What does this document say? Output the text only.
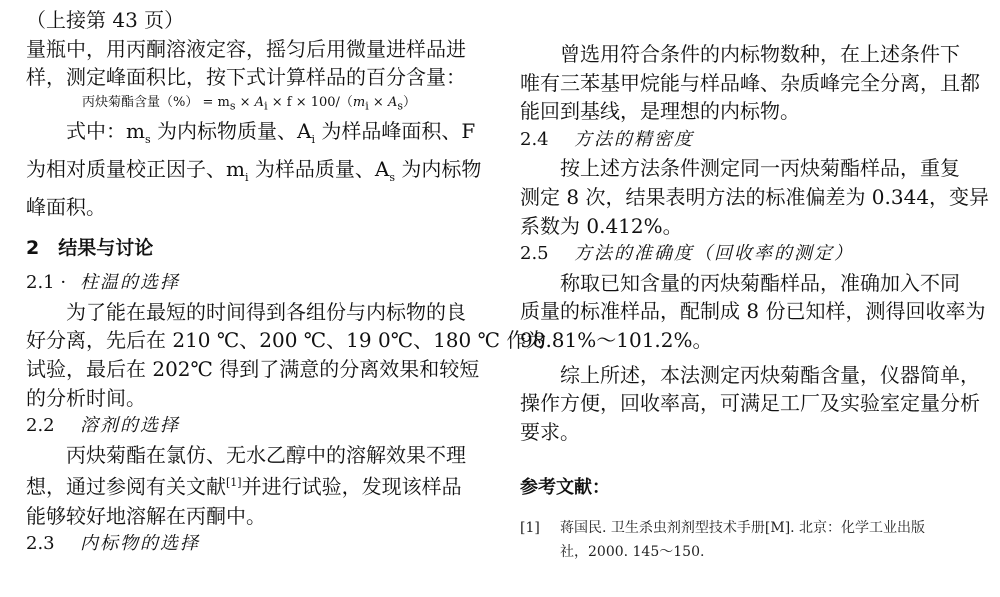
（上接第 43 页）

量瓶中，用丙酮溶液定容，摇匀后用微量进样品进

样，测定峰面积比，按下式计算样品的百分含量：

丙炔菊酯含量（%） = $m_s \times A_i \times f \times 100/(m_i \times A_s)$

式中：$m_s$ 为内标物质量、$A_i$ 为样品峰面积、F

为相对质量校正因子、$m_i$ 为样品质量、$A_s$ 为内标物

峰面积。

2　结果与讨论

2.1 · 柱温的选择

为了能在最短的时间得到各组份与内标物的良

好分离，先后在 210 ℃、200 ℃、19 0℃、180 ℃ 作为

试验，最后在 202℃ 得到了满意的分离效果和较短

的分析时间。

2.2 溶剂的选择

丙炔菊酯在氯仿、无水乙醇中的溶解效果不理

想，通过参阅有关文献[1]并进行试验，发现该样品

能够较好地溶解在丙酮中。

2.3 内标物的选择

曾选用符合条件的内标物数种，在上述条件下

唯有三苯基甲烷能与样品峰、杂质峰完全分离，且都

能回到基线，是理想的内标物。

2.4 方法的精密度

按上述方法条件测定同一丙炔菊酯样品，重复

测定 8 次，结果表明方法的标准偏差为 0.344，变异

系数为 0.412%。

2.5 方法的准确度（回收率的测定）

称取已知含量的丙炔菊酯样品，准确加入不同

质量的标准样品，配制成 8 份已知样，测得回收率为

98.81%～101.2%。

综上所述，本法测定丙炔菊酯含量，仪器简单，

操作方便，回收率高，可满足工厂及实验室定量分析

要求。

参考文献：

[1]	蒋国民. 卫生杀虫剂剂型技术手册[M]. 北京：化学工业出版

社，2000. 145～150.
